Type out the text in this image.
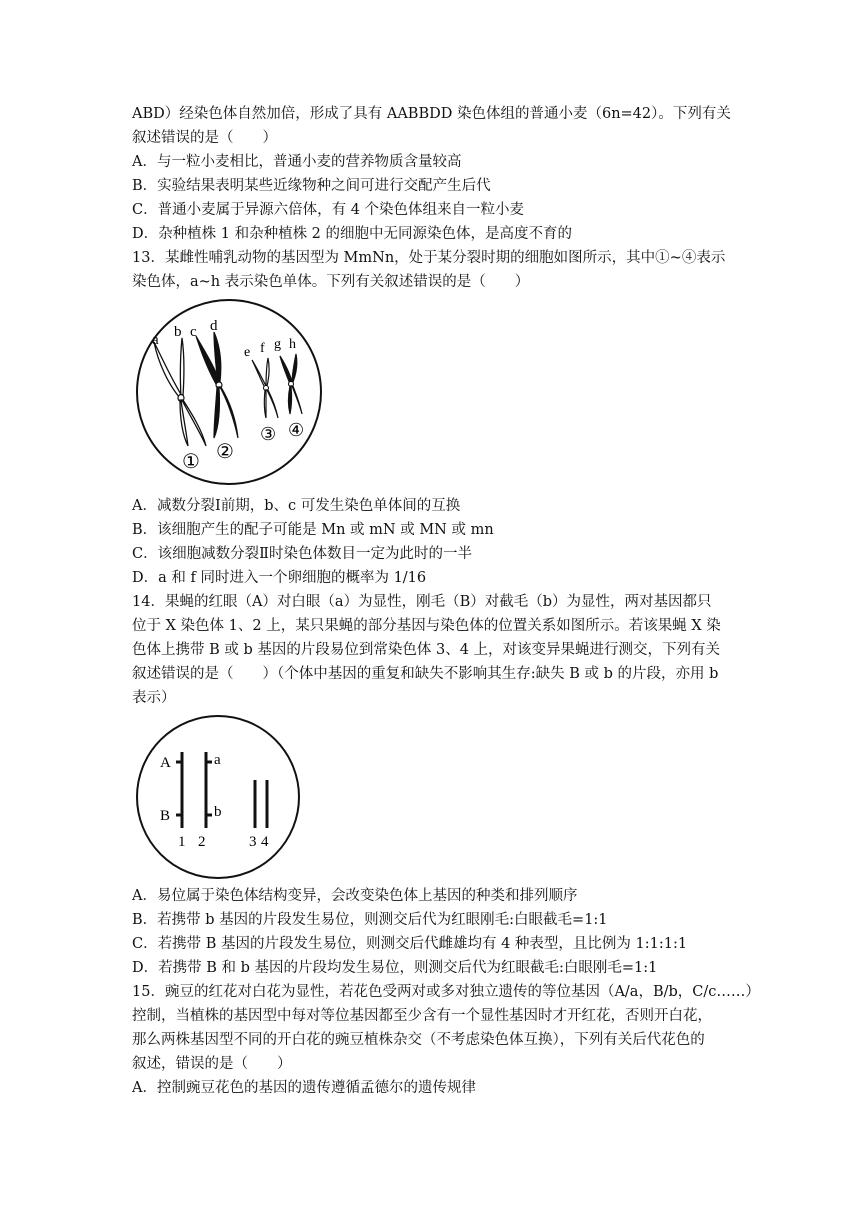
ABD）经染色体自然加倍，形成了具有 AABBDD 染色体组的普通小麦（6n=42）。下列有关
叙述错误的是（　　）
A．与一粒小麦相比，普通小麦的营养物质含量较高
B．实验结果表明某些近缘物种之间可进行交配产生后代
C．普通小麦属于异源六倍体，有 4 个染色体组来自一粒小麦
D．杂种植株 1 和杂种植株 2 的细胞中无同源染色体，是高度不育的
13．某雌性哺乳动物的基因型为 MmNn，处于某分裂时期的细胞如图所示，其中①~④表示
染色体，a~h 表示染色单体。下列有关叙述错误的是（　　）
a b c d
e f g h
① ②
③ ④
A．减数分裂Ⅰ前期，b、c 可发生染色单体间的互换
B．该细胞产生的配子可能是 Mn 或 mN 或 MN 或 mn
C．该细胞减数分裂Ⅱ时染色体数目一定为此时的一半
D．a 和 f 同时进入一个卵细胞的概率为 1/16
14．果蝇的红眼（A）对白眼（a）为显性，刚毛（B）对截毛（b）为显性，两对基因都只
位于 X 染色体 1、2 上，某只果蝇的部分基因与染色体的位置关系如图所示。若该果蝇 X 染
色体上携带 B 或 b 基因的片段易位到常染色体 3、4 上，对该变异果蝇进行测交，下列有关
叙述错误的是（　　）（个体中基因的重复和缺失不影响其生存:缺失 B 或 b 的片段，亦用 b
表示）
A
B
a
b
1 2	3 4
A．易位属于染色体结构变异，会改变染色体上基因的种类和排列顺序
B．若携带 b 基因的片段发生易位，则测交后代为红眼刚毛:白眼截毛=1:1
C．若携带 B 基因的片段发生易位，则测交后代雌雄均有 4 种表型，且比例为 1:1:1:1
D．若携带 B 和 b 基因的片段均发生易位，则测交后代为红眼截毛:白眼刚毛=1:1
15．豌豆的红花对白花为显性，若花色受两对或多对独立遗传的等位基因（A/a，B/b，C/c……）
控制，当植株的基因型中每对等位基因都至少含有一个显性基因时才开红花，否则开白花，
那么两株基因型不同的开白花的豌豆植株杂交（不考虑染色体互换），下列有关后代花色的
叙述，错误的是（　　）
A．控制豌豆花色的基因的遗传遵循孟德尔的遗传规律
